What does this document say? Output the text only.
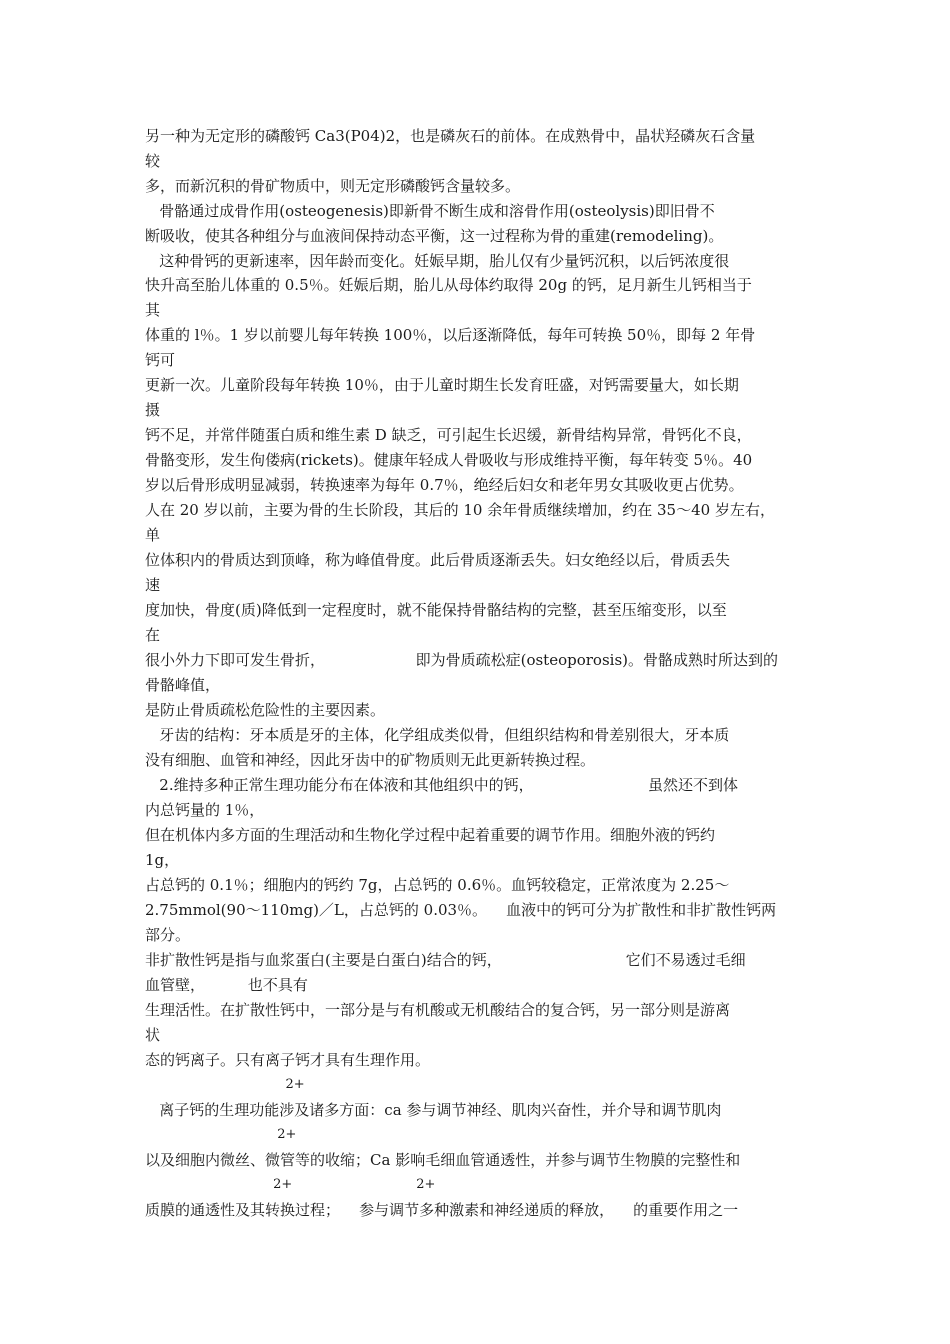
另一种为无定形的磷酸钙 Ca3(P04)2，也是磷灰石的前体。在成熟骨中，晶状羟磷灰石含量
较
多，而新沉积的骨矿物质中，则无定形磷酸钙含量较多。
骨骼通过成骨作用(osteogenesis)即新骨不断生成和溶骨作用(osteolysis)即旧骨不
断吸收，使其各种组分与血液间保持动态平衡，这一过程称为骨的重建(remodeling)。
这种骨钙的更新速率，因年龄而变化。妊娠早期，胎儿仅有少量钙沉积，以后钙浓度很
快升高至胎儿体重的 0.5％。妊娠后期，胎儿从母体约取得 20g 的钙，足月新生儿钙相当于
其
体重的 l％。1 岁以前婴儿每年转换 100％，以后逐渐降低，每年可转换 50％，即每 2 年骨
钙可
更新一次。儿童阶段每年转换 10％，由于儿童时期生长发育旺盛，对钙需要量大，如长期
摄
钙不足，并常伴随蛋白质和维生素 D 缺乏，可引起生长迟缓，新骨结构异常，骨钙化不良，
骨骼变形，发生佝偻病(rickets)。健康年轻成人骨吸收与形成维持平衡，每年转变 5％。40
岁以后骨形成明显减弱，转换速率为每年 0.7％，绝经后妇女和老年男女其吸收更占优势。
人在 20 岁以前，主要为骨的生长阶段，其后的 10 余年骨质继续增加，约在 35～40 岁左右，
单
位体积内的骨质达到顶峰，称为峰值骨度。此后骨质逐渐丢失。妇女绝经以后，骨质丢失
速
度加快，骨度(质)降低到一定程度时，就不能保持骨骼结构的完整，甚至压缩变形，以至
在
很小外力下即可发生骨折，                   即为骨质疏松症(osteoporosis)。骨骼成熟时所达到的
骨骼峰值，
是防止骨质疏松危险性的主要因素。
牙齿的结构：牙本质是牙的主体，化学组成类似骨，但组织结构和骨差别很大，牙本质
没有细胞、血管和神经，因此牙齿中的矿物质则无此更新转换过程。
2.维持多种正常生理功能分布在体液和其他组织中的钙，                        虽然还不到体
内总钙量的 1％，
但在机体内多方面的生理活动和生物化学过程中起着重要的调节作用。细胞外液的钙约
1g，
占总钙的 0.1％；细胞内的钙约 7g，占总钙的 0.6％。血钙较稳定，正常浓度为 2.25～
2.75mmol(90～110mg)／L，占总钙的 0.03％。    血液中的钙可分为扩散性和非扩散性钙两
部分。
非扩散性钙是指与血浆蛋白(主要是白蛋白)结合的钙，                          它们不易透过毛细
血管壁，         也不具有
生理活性。在扩散性钙中，一部分是与有机酸或无机酸结合的复合钙，另一部分则是游离
状
态的钙离子。只有离子钙才具有生理作用。
2+
离子钙的生理功能涉及诸多方面：ca 参与调节神经、肌肉兴奋性，并介导和调节肌肉
2+
以及细胞内微丝、微管等的收缩；Ca 影响毛细血管通透性，并参与调节生物膜的完整性和
2+                              2+
质膜的通透性及其转换过程；    参与调节多种激素和神经递质的释放，    的重要作用之一
